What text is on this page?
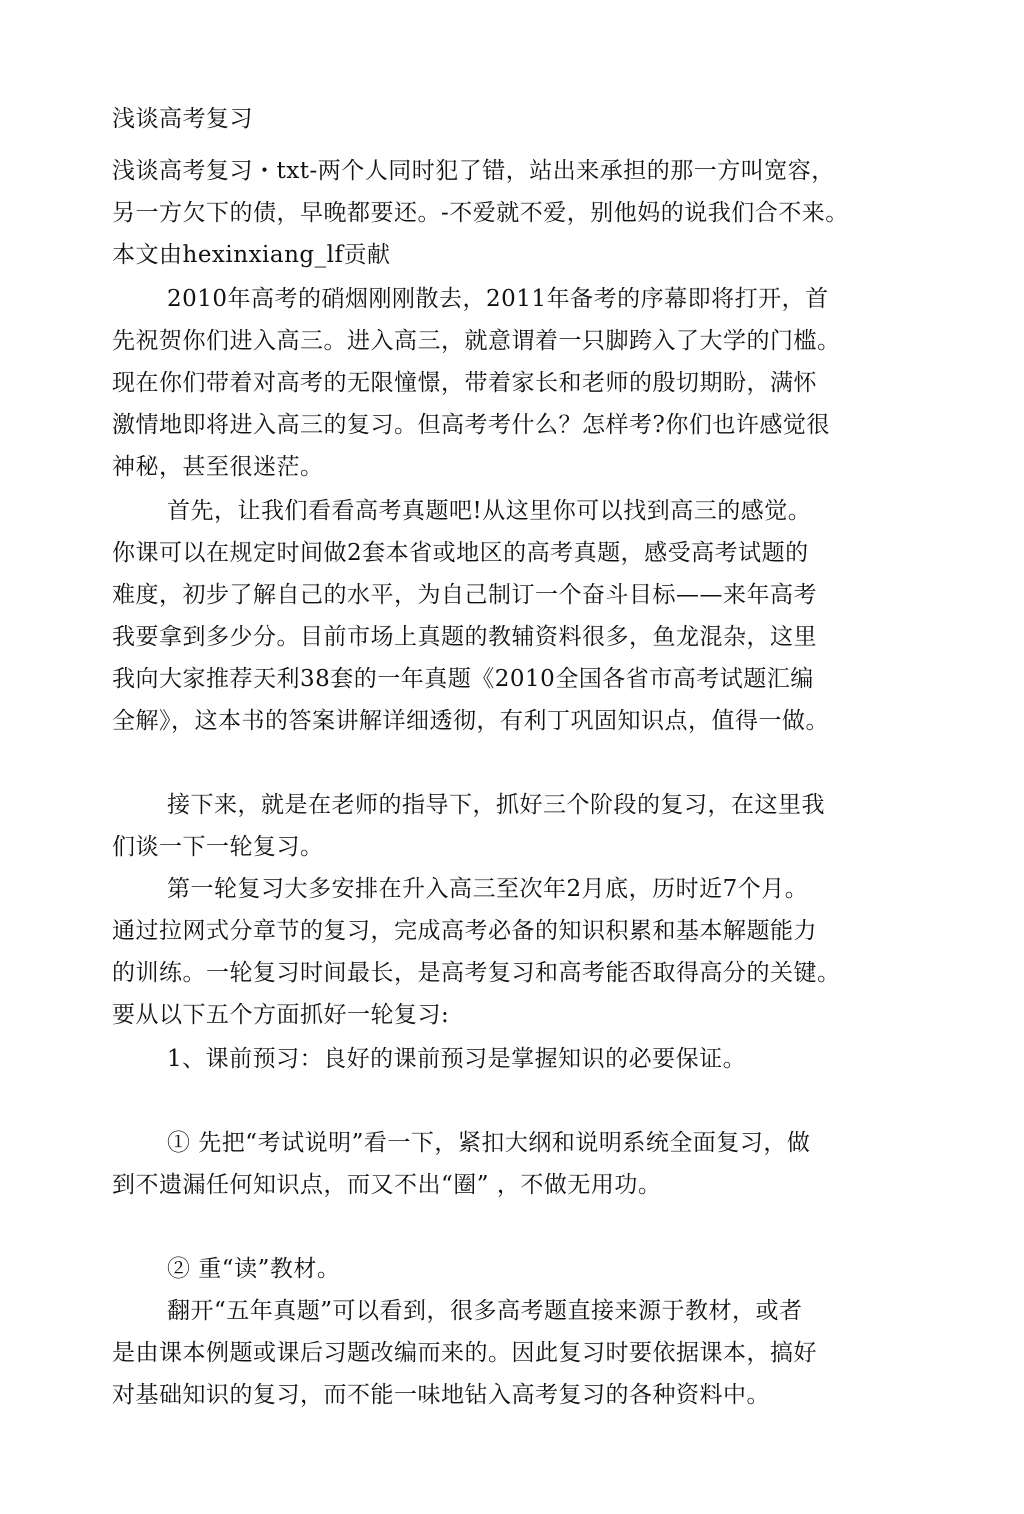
浅谈高考复习
浅谈高考复习・txt-两个人同时犯了错，站出来承担的那一方叫宽容，
另一方欠下的债，早晚都要还。-不爱就不爱，别他妈的说我们合不来。
本文由hexinxiang_lf贡献
2010年高考的硝烟刚刚散去，2011年备考的序幕即将打开，首
先祝贺你们进入高三。进入高三，就意谓着一只脚跨入了大学的门槛。
现在你们带着对高考的无限憧憬，带着家长和老师的殷切期盼，满怀
激情地即将进入高三的复习。但高考考什么？怎样考?你们也许感觉很
神秘，甚至很迷茫。
首先，让我们看看高考真题吧!从这里你可以找到高三的感觉。
你课可以在规定时间做2套本省或地区的高考真题，感受高考试题的
难度，初步了解自己的水平，为自己制订一个奋斗目标——来年高考
我要拿到多少分。目前市场上真题的教辅资料很多，鱼龙混杂，这里
我向大家推荐天利38套的一年真题《2010全国各省市高考试题汇编
全解》，这本书的答案讲解详细透彻，有利丁巩固知识点，值得一做。
接下来，就是在老师的指导下，抓好三个阶段的复习，在这里我
们谈一下一轮复习。
第一轮复习大多安排在升入高三至次年2月底，历时近7个月。
通过拉网式分章节的复习，完成高考必备的知识积累和基本解题能力
的训练。一轮复习时间最长，是高考复习和高考能否取得高分的关键。
要从以下五个方面抓好一轮复习:
1、课前预习：良好的课前预习是掌握知识的必要保证。
① 先把“考试说明”看一下，紧扣大纲和说明系统全面复习，做
到不遗漏任何知识点，而又不出“圈” ，不做无用功。
② 重“读”教材。
翻开“五年真题”可以看到，很多高考题直接来源于教材，或者
是由课本例题或课后习题改编而来的。因此复习时要依据课本，搞好
对基础知识的复习，而不能一味地钻入高考复习的各种资料中。
